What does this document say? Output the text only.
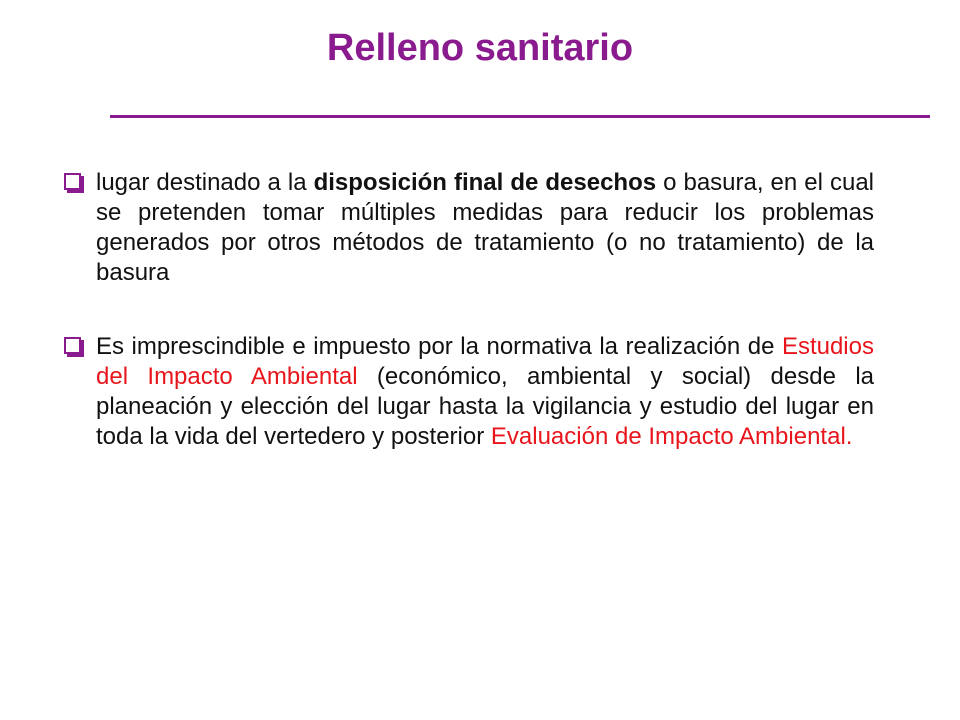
Relleno sanitario
lugar destinado a la disposición final de desechos o basura, en el cual se pretenden tomar múltiples medidas para reducir los problemas generados por otros métodos de tratamiento (o no tratamiento) de la basura
Es imprescindible e impuesto por la normativa la realización de Estudios del Impacto Ambiental (económico, ambiental y social) desde la planeación y elección del lugar hasta la vigilancia y estudio del lugar en toda la vida del vertedero y posterior Evaluación de Impacto Ambiental.
